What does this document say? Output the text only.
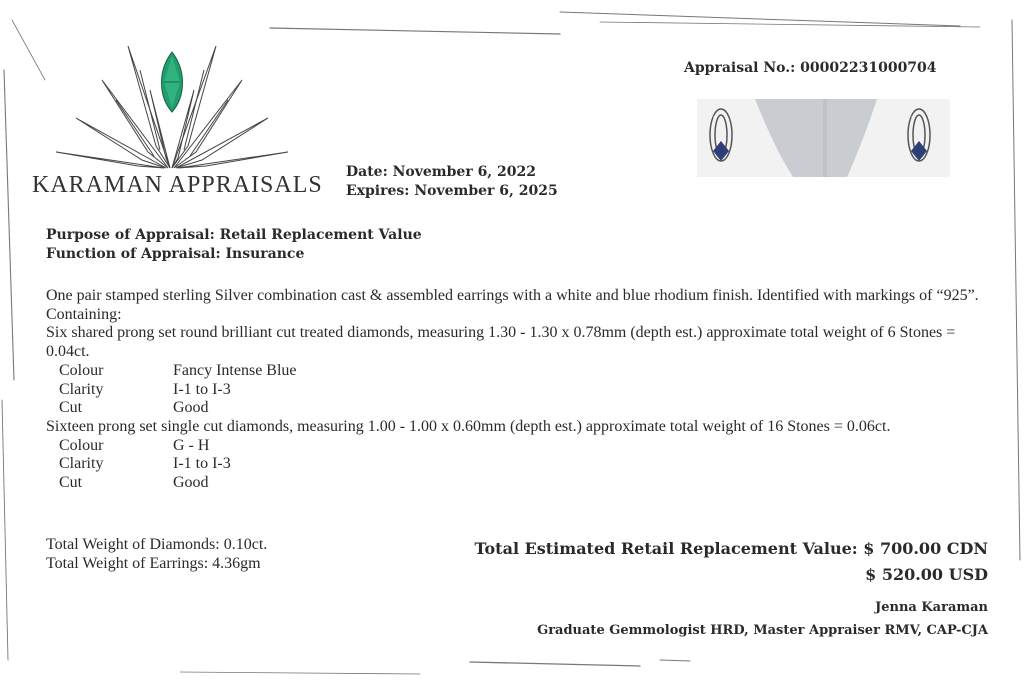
KARAMAN APPRAISALS
Appraisal No.: 00002231000704
Date: November 6, 2022
Expires: November 6, 2025
Purpose of Appraisal: Retail Replacement Value
Function of Appraisal: Insurance

One pair stamped sterling Silver combination cast & assembled earrings with a white and blue rhodium finish. Identified with markings of “925”.

Containing:

Six shared prong set round brilliant cut treated diamonds, measuring 1.30 - 1.30 x 0.78mm (depth est.) approximate total weight of 6 Stones = 0.04ct.

Colour	Fancy Intense Blue
Clarity	I-1 to I-3
Cut	Good

Sixteen prong set single cut diamonds, measuring 1.00 - 1.00 x 0.60mm (depth est.) approximate total weight of 16 Stones = 0.06ct.

Colour	G - H
Clarity	I-1 to I-3
Cut	Good
Total Weight of Diamonds: 0.10ct.
Total Weight of Earrings: 4.36gm
Total Estimated Retail Replacement Value: $ 700.00 CDN
$ 520.00 USD
Jenna Karaman
Graduate Gemmologist HRD, Master Appraiser RMV, CAP-CJA
